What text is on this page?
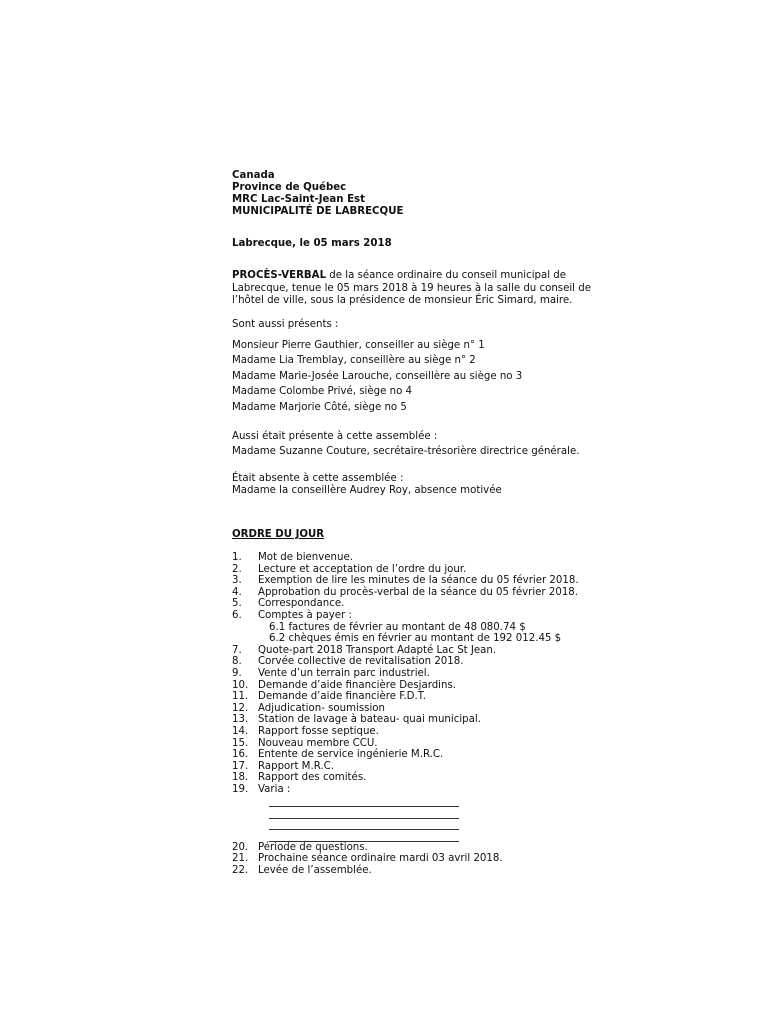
Canada
Province de Québec
MRC Lac-Saint-Jean Est
MUNICIPALITÉ DE LABRECQUE
Labrecque, le 05 mars 2018
PROCÈS-VERBAL de la séance ordinaire du conseil municipal de
Labrecque, tenue le 05 mars 2018 à 19 heures à la salle du conseil de
l’hôtel de ville, sous la présidence de monsieur Éric Simard, maire.
Sont aussi présents :
Monsieur Pierre Gauthier, conseiller au siège n° 1
Madame Lia Tremblay, conseillère au siège n° 2
Madame Marie-Josée Larouche, conseillère au siège no 3
Madame Colombe Privé, siège no 4
Madame Marjorie Côté, siège no 5
Aussi était présente à cette assemblée :
Madame Suzanne Couture, secrétaire-trésorière directrice générale.
Était absente à cette assemblée :
Madame la conseillère Audrey Roy, absence motivée
ORDRE DU JOUR
1.	Mot de bienvenue.
2.	Lecture et acceptation de l’ordre du jour.
3.	Exemption de lire les minutes de la séance du 05 février 2018.
4.	Approbation du procès-verbal de la séance du 05 février 2018.
5.	Correspondance.
6.	Comptes à payer :
6.1 factures de février au montant de 48 080.74 $
6.2 chèques émis en février au montant de 192 012.45 $
7.	Quote-part 2018 Transport Adapté Lac St Jean.
8.	Corvée collective de revitalisation 2018.
9.	Vente d’un terrain parc industriel.
10. Demande d’aide financière Desjardins.
11. Demande d’aide financière F.D.T.
12. Adjudication- soumission
13. Station de lavage à bateau- quai municipal.
14. Rapport fosse septique.
15. Nouveau membre CCU.
16. Entente de service ingénierie M.R.C.
17. Rapport M.R.C.
18. Rapport des comités.
19. Varia :
20. Période de questions.
21. Prochaine séance ordinaire mardi 03 avril 2018.
22. Levée de l’assemblée.
